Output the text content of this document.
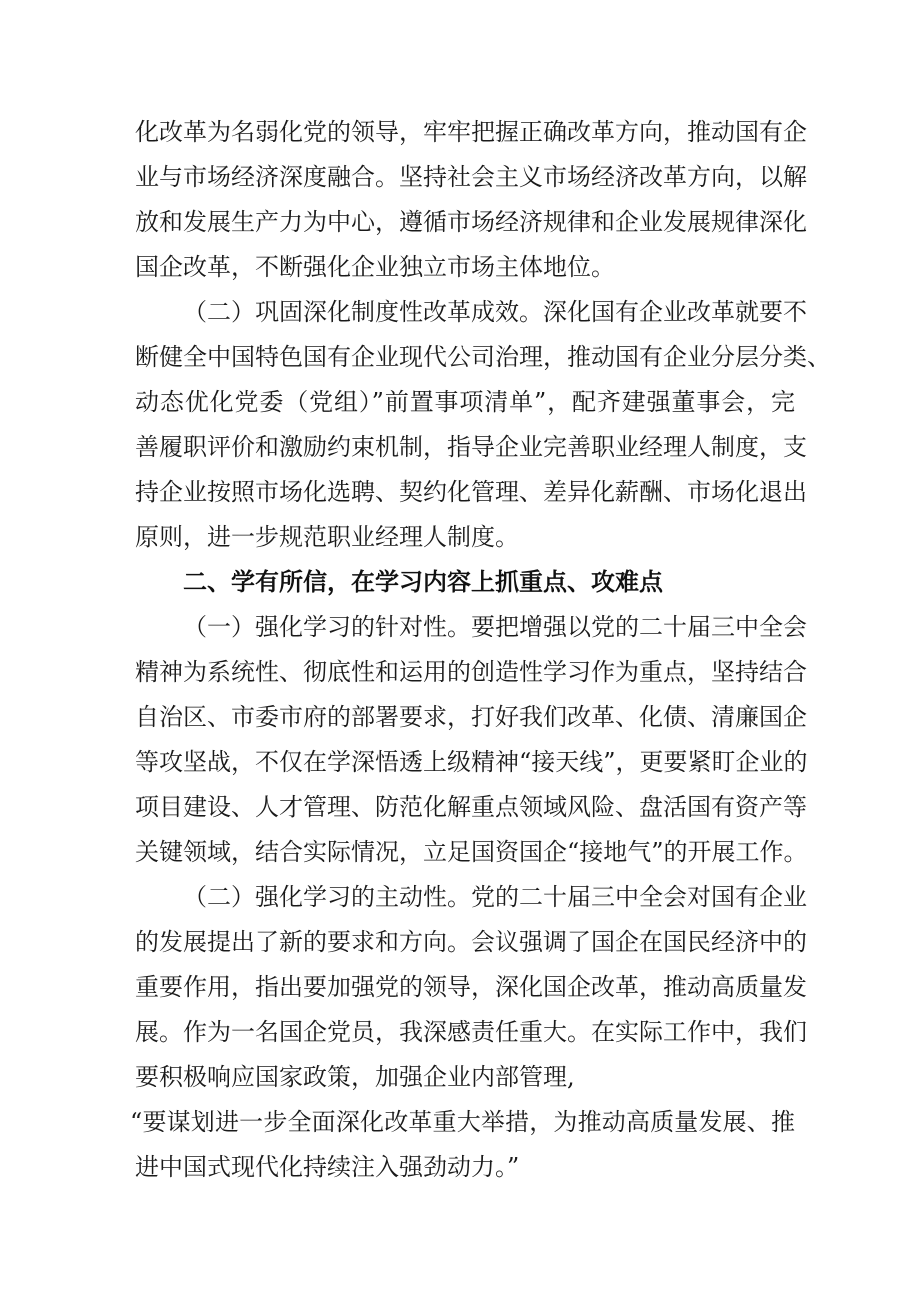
化改革为名弱化党的领导，牢牢把握正确改革方向，推动国有企
业与市场经济深度融合。坚持社会主义市场经济改革方向，以解
放和发展生产力为中心，遵循市场经济规律和企业发展规律深化
国企改革，不断强化企业独立市场主体地位。
（二）巩固深化制度性改革成效。深化国有企业改革就要不
断健全中国特色国有企业现代公司治理，推动国有企业分层分类、
动态优化党委（党组）”前置事项清单”，配齐建强董事会，完
善履职评价和激励约束机制，指导企业完善职业经理人制度，支
持企业按照市场化选聘、契约化管理、差异化薪酬、市场化退出
原则，进一步规范职业经理人制度。
二、学有所信，在学习内容上抓重点、攻难点
（一）强化学习的针对性。要把增强以党的二十届三中全会
精神为系统性、彻底性和运用的创造性学习作为重点，坚持结合
自治区、市委市府的部署要求，打好我们改革、化债、清廉国企
等攻坚战，不仅在学深悟透上级精神“接天线”，更要紧盯企业的
项目建设、人才管理、防范化解重点领域风险、盘活国有资产等
关键领域，结合实际情况，立足国资国企“接地气”的开展工作。
（二）强化学习的主动性。党的二十届三中全会对国有企业
的发展提出了新的要求和方向。会议强调了国企在国民经济中的
重要作用，指出要加强党的领导，深化国企改革，推动高质量发
展。作为一名国企党员，我深感责任重大。在实际工作中，我们
要积极响应国家政策，加强企业内部管理,
“要谋划进一步全面深化改革重大举措，为推动高质量发展、推
进中国式现代化持续注入强劲动力。”
